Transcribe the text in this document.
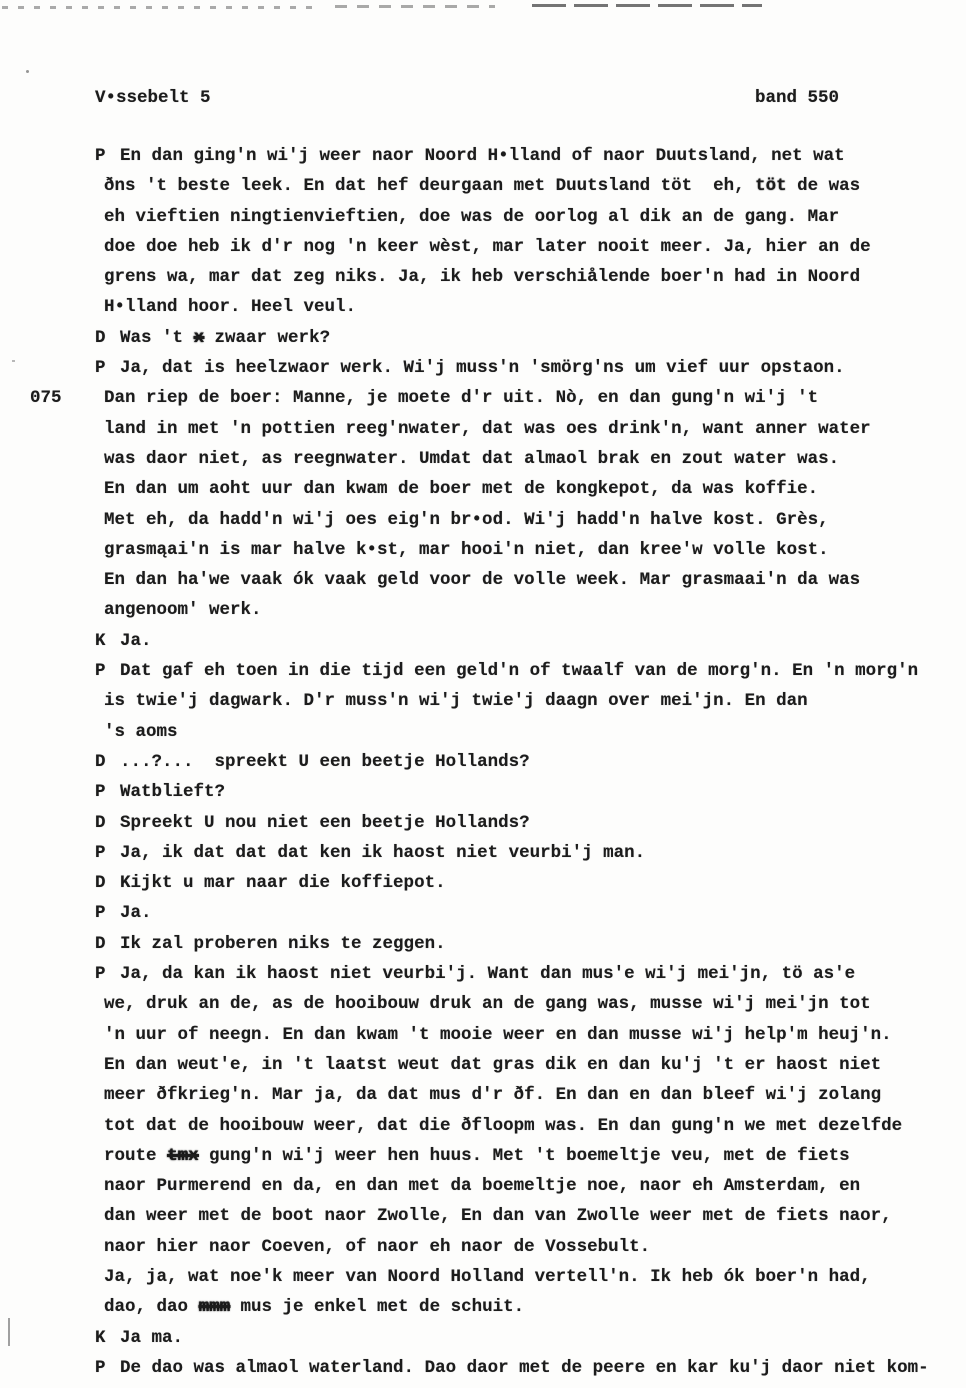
V•ssebelt 5	band 550
P En dan ging'n wi'j weer naor Noord H•lland of naor Duutsland, net wat
ðns 't beste leek. En dat hef deurgaan met Duutsland töt  eh, töt de was
eh vieftien ningtienvieftien, doe was de oorlog al dik an de gang. Mar
doe doe heb ik d'r nog 'n keer wèst, mar later nooit meer. Ja, hier an de
grens wa, mar dat zeg niks. Ja, ik heb verschiålende boer'n had in Noord
H•lland hoor. Heel veul.
D Was 't x zwaar werk?
P Ja, dat is heelzwaor werk. Wi'j muss'n 'smörg'ns um vief uur opstaon.
075 Dan riep de boer: Manne, je moete d'r uit. Nò, en dan gung'n wi'j 't
land in met 'n pottien reeg'nwater, dat was oes drink'n, want anner water
was daor niet, as reegnwater. Umdat dat almaol brak en zout water was.
En dan um aoht uur dan kwam de boer met de kongkepot, da was koffie.
Met eh, da hadd'n wi'j oes eig'n br•od. Wi'j hadd'n halve kost. Grès,
grasmąai'n is mar halve k•st, mar hooi'n niet, dan kree'w volle kost.
En dan ha'we vaak ók vaak geld voor de volle week. Mar grasmaai'n da was
angenoom' werk.
K Ja.
P Dat gaf eh toen in die tijd een geld'n of twaalf van de morg'n. En 'n morg'n
is twie'j dagwark. D'r muss'n wi'j twie'j daagn over mei'jn. En dan
's aoms
D ...?...  spreekt U een beetje Hollands?
P Watblieft?
D Spreekt U nou niet een beetje Hollands?
P Ja, ik dat dat dat ken ik haost niet veurbi'j man.
D Kijkt u mar naar die koffiepot.
P Ja.
D Ik zal proberen niks te zeggen.
P Ja, da kan ik haost niet veurbi'j. Want dan mus'e wi'j mei'jn, tö as'e
we, druk an de, as de hooibouw druk an de gang was, musse wi'j mei'jn tot
'n uur of neegn. En dan kwam 't mooie weer en dan musse wi'j help'm heuj'n.
En dan weut'e, in 't laatst weut dat gras dik en dan ku'j 't er haost niet
meer ðfkrieg'n. Mar ja, da dat mus d'r ðf. En dan en dan bleef wi'j zolang
tot dat de hooibouw weer, dat die ðfloopm was. En dan gung'n we met dezelfde
route tmx gung'n wi'j weer hen huus. Met 't boemeltje veu, met de fiets
naor Purmerend en da, en dan met da boemeltje noe, naor eh Amsterdam, en
dan weer met de boot naor Zwolle, En dan van Zwolle weer met de fiets naor,
naor hier naor Coeven, of naor eh naor de Vossebult.
Ja, ja, wat noe'k meer van Noord Holland vertell'n. Ik heb ók boer'n had,
dao, dao mmm mus je enkel met de schuit.
K Ja ma.
P De dao was almaol waterland. Dao daor met de peere en kar ku'j daor niet kom-
